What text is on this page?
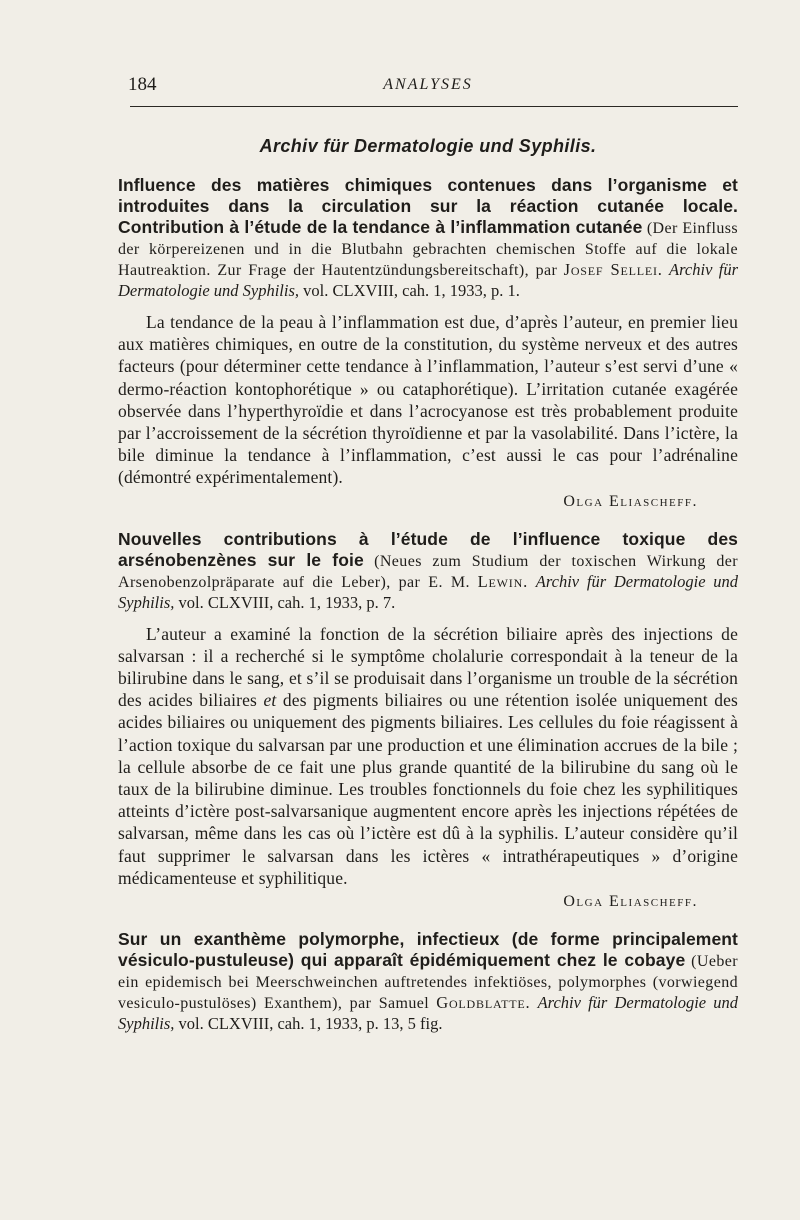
184	ANALYSES
Archiv für Dermatologie und Syphilis.

Influence des matières chimiques contenues dans l’organisme et introduites dans la circulation sur la réaction cutanée locale. Contribution à l’étude de la tendance à l’inflammation cutanée (Der Einfluss der körpereizenen und in die Blutbahn gebrachten chemischen Stoffe auf die lokale Hautreaktion. Zur Frage der Hautentzündungsbereitschaft), par Josef Sellei. Archiv für Dermatologie und Syphilis, vol. CLXVIII, cah. 1, 1933, p. 1.

La tendance de la peau à l’inflammation est due, d’après l’auteur, en premier lieu aux matières chimiques, en outre de la constitution, du système nerveux et des autres facteurs (pour déterminer cette tendance à l’inflammation, l’auteur s’est servi d’une « dermo-réaction kontophorétique » ou cataphorétique). L’irritation cutanée exagérée observée dans l’hyperthyroïdie et dans l’acrocyanose est très probablement produite par l’accroissement de la sécrétion thyroïdienne et par la vasolabilité. Dans l’ictère, la bile diminue la tendance à l’inflammation, c’est aussi le cas pour l’adrénaline (démontré expérimentalement).

Olga Eliascheff.

Nouvelles contributions à l’étude de l’influence toxique des arsénobenzènes sur le foie (Neues zum Studium der toxischen Wirkung der Arsenobenzolpräparate auf die Leber), par E. M. Lewin. Archiv für Dermatologie und Syphilis, vol. CLXVIII, cah. 1, 1933, p. 7.

L’auteur a examiné la fonction de la sécrétion biliaire après des injections de salvarsan : il a recherché si le symptôme cholalurie correspondait à la teneur de la bilirubine dans le sang, et s’il se produisait dans l’organisme un trouble de la sécrétion des acides biliaires et des pigments biliaires ou une rétention isolée uniquement des acides biliaires ou uniquement des pigments biliaires. Les cellules du foie réagissent à l’action toxique du salvarsan par une production et une élimination accrues de la bile ; la cellule absorbe de ce fait une plus grande quantité de la bilirubine du sang où le taux de la bilirubine diminue. Les troubles fonctionnels du foie chez les syphilitiques atteints d’ictère post-salvarsanique augmentent encore après les injections répétées de salvarsan, même dans les cas où l’ictère est dû à la syphilis. L’auteur considère qu’il faut supprimer le salvarsan dans les ictères « intrathérapeutiques » d’origine médicamenteuse et syphilitique.

Olga Eliascheff.

Sur un exanthème polymorphe, infectieux (de forme principalement vésiculo-pustuleuse) qui apparaît épidémiquement chez le cobaye (Ueber ein epidemisch bei Meerschweinchen auftretendes infektiöses, polymorphes (vorwiegend vesiculo-pustulöses) Exanthem), par Samuel Goldblatte. Archiv für Dermatologie und Syphilis, vol. CLXVIII, cah. 1, 1933, p. 13, 5 fig.
